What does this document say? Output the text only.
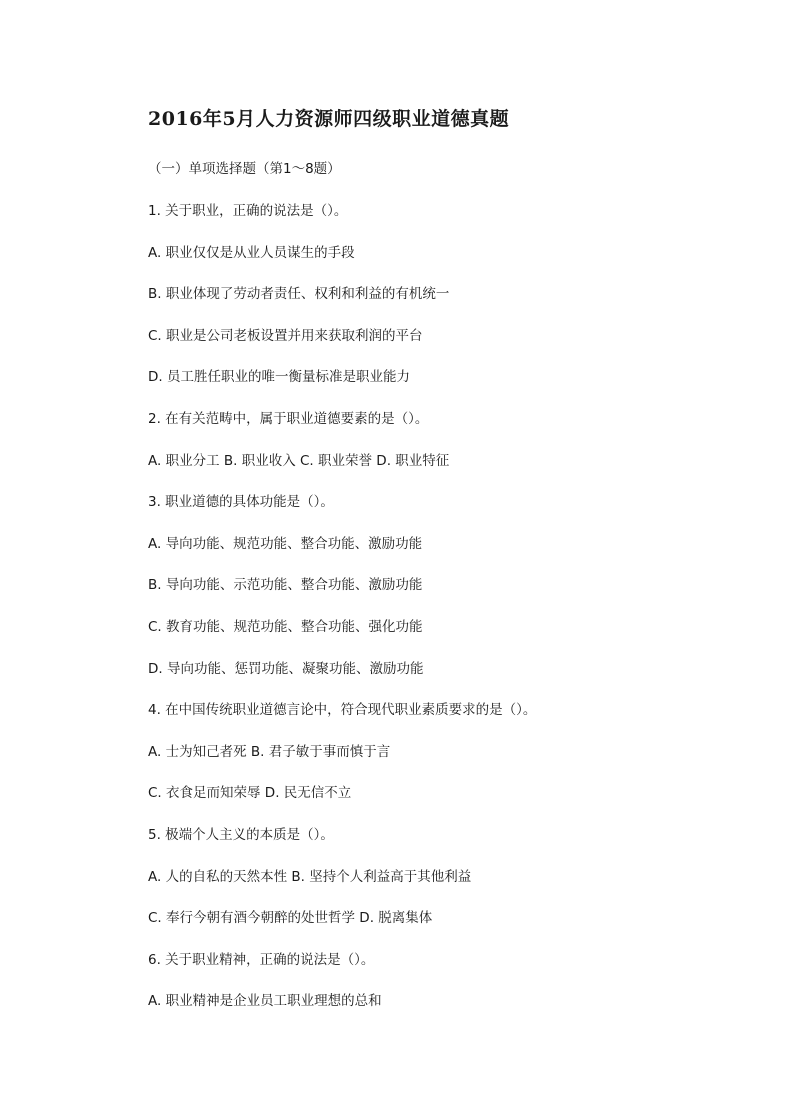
2016年5月人力资源师四级职业道德真题
（一）单项选择题（第1～8题）
1. 关于职业，正确的说法是（）。
A. 职业仅仅是从业人员谋生的手段
B. 职业体现了劳动者责任、权利和利益的有机统一
C. 职业是公司老板设置并用来获取利润的平台
D. 员工胜任职业的唯一衡量标准是职业能力
2. 在有关范畴中，属于职业道德要素的是（）。
A. 职业分工 B. 职业收入 C. 职业荣誉 D. 职业特征
3. 职业道德的具体功能是（）。
A. 导向功能、规范功能、整合功能、激励功能
B. 导向功能、示范功能、整合功能、激励功能
C. 教育功能、规范功能、整合功能、强化功能
D. 导向功能、惩罚功能、凝聚功能、激励功能
4. 在中国传统职业道德言论中，符合现代职业素质要求的是（）。
A. 士为知己者死 B. 君子敏于事而慎于言
C. 衣食足而知荣辱 D. 民无信不立
5. 极端个人主义的本质是（）。
A. 人的自私的天然本性 B. 坚持个人利益高于其他利益
C. 奉行今朝有酒今朝醉的处世哲学 D. 脱离集体
6. 关于职业精神，正确的说法是（）。
A. 职业精神是企业员工职业理想的总和
